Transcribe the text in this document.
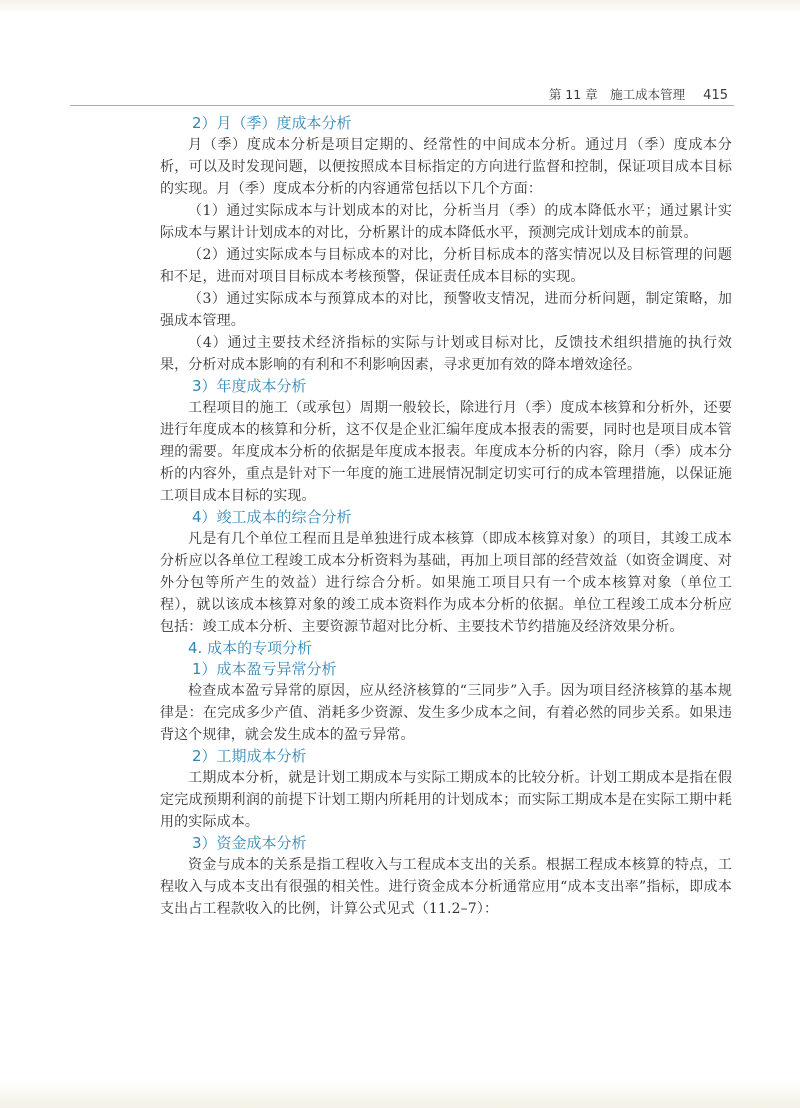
第 11 章　施工成本管理 415
2）月（季）度成本分析

月（季）度成本分析是项目定期的、经常性的中间成本分析。通过月（季）度成本分析，可以及时发现问题，以便按照成本目标指定的方向进行监督和控制，保证项目成本目标的实现。月（季）度成本分析的内容通常包括以下几个方面：

（1）通过实际成本与计划成本的对比，分析当月（季）的成本降低水平；通过累计实际成本与累计计划成本的对比，分析累计的成本降低水平，预测完成计划成本的前景。

（2）通过实际成本与目标成本的对比，分析目标成本的落实情况以及目标管理的问题和不足，进而对项目目标成本考核预警，保证责任成本目标的实现。

（3）通过实际成本与预算成本的对比，预警收支情况，进而分析问题，制定策略，加强成本管理。

（4）通过主要技术经济指标的实际与计划或目标对比，反馈技术组织措施的执行效果，分析对成本影响的有利和不利影响因素，寻求更加有效的降本增效途径。

3）年度成本分析

工程项目的施工（或承包）周期一般较长，除进行月（季）度成本核算和分析外，还要进行年度成本的核算和分析，这不仅是企业汇编年度成本报表的需要，同时也是项目成本管理的需要。年度成本分析的依据是年度成本报表。年度成本分析的内容，除月（季）成本分析的内容外，重点是针对下一年度的施工进展情况制定切实可行的成本管理措施，以保证施工项目成本目标的实现。

4）竣工成本的综合分析

凡是有几个单位工程而且是单独进行成本核算（即成本核算对象）的项目，其竣工成本分析应以各单位工程竣工成本分析资料为基础，再加上项目部的经营效益（如资金调度、对外分包等所产生的效益）进行综合分析。如果施工项目只有一个成本核算对象（单位工程），就以该成本核算对象的竣工成本资料作为成本分析的依据。单位工程竣工成本分析应包括：竣工成本分析、主要资源节超对比分析、主要技术节约措施及经济效果分析。

4. 成本的专项分析
1）成本盈亏异常分析

检查成本盈亏异常的原因，应从经济核算的“三同步”入手。因为项目经济核算的基本规律是：在完成多少产值、消耗多少资源、发生多少成本之间，有着必然的同步关系。如果违背这个规律，就会发生成本的盈亏异常。

2）工期成本分析

工期成本分析，就是计划工期成本与实际工期成本的比较分析。计划工期成本是指在假定完成预期利润的前提下计划工期内所耗用的计划成本；而实际工期成本是在实际工期中耗用的实际成本。

3）资金成本分析

资金与成本的关系是指工程收入与工程成本支出的关系。根据工程成本核算的特点，工程收入与成本支出有很强的相关性。进行资金成本分析通常应用“成本支出率”指标，即成本支出占工程款收入的比例，计算公式见式（11.2–7）：
